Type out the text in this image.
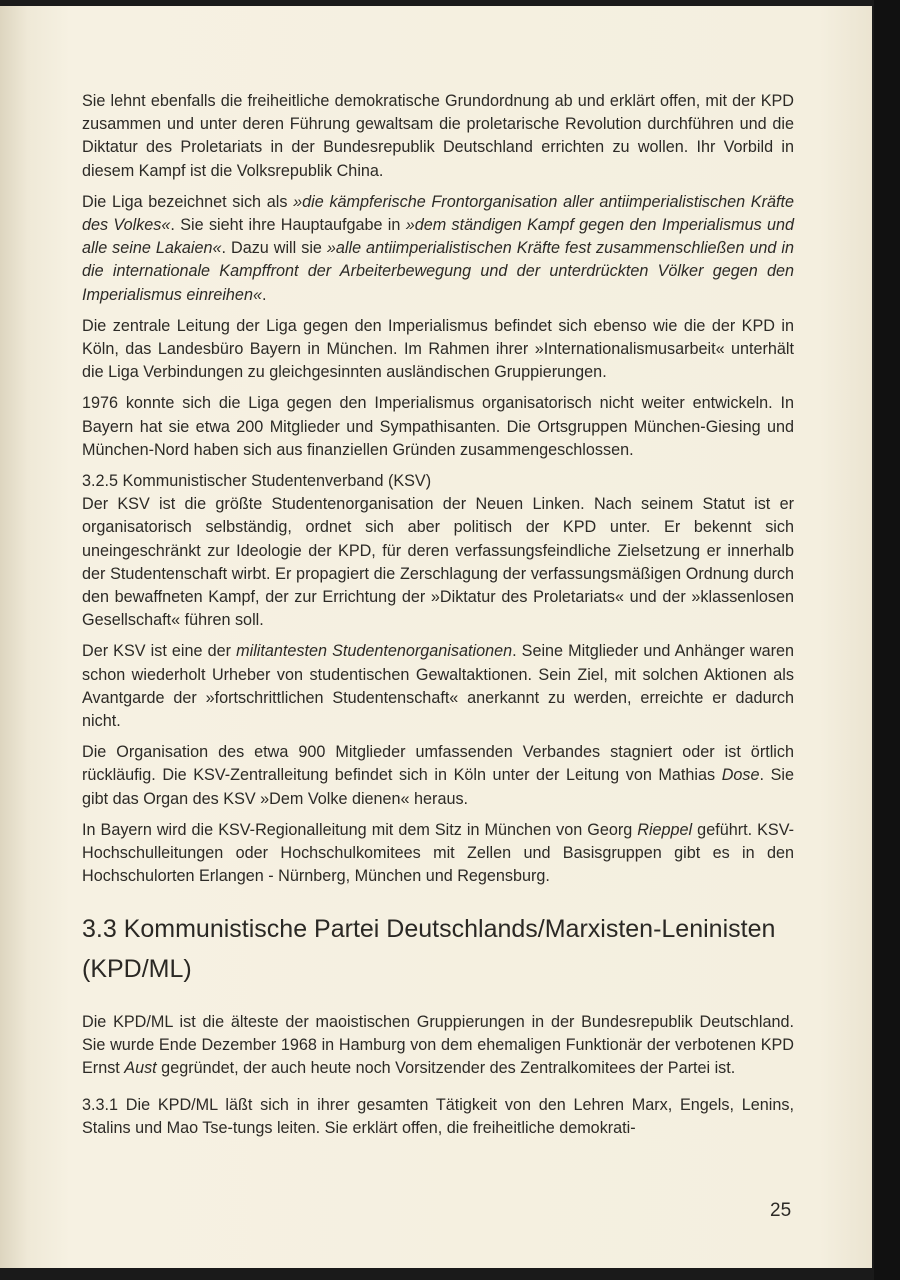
Sie lehnt ebenfalls die freiheitliche demokratische Grundordnung ab und erklärt offen, mit der KPD zusammen und unter deren Führung gewaltsam die proletarische Revolution durchführen und die Diktatur des Proletariats in der Bundesrepublik Deutschland errichten zu wollen. Ihr Vorbild in diesem Kampf ist die Volksrepublik China.

Die Liga bezeichnet sich als »die kämpferische Frontorganisation aller antiimperialistischen Kräfte des Volkes«. Sie sieht ihre Hauptaufgabe in »dem ständigen Kampf gegen den Imperialismus und alle seine Lakaien«. Dazu will sie »alle antiimperialistischen Kräfte fest zusammenschließen und in die internationale Kampffront der Arbeiterbewegung und der unterdrückten Völker gegen den Imperialismus einreihen«.

Die zentrale Leitung der Liga gegen den Imperialismus befindet sich ebenso wie die der KPD in Köln, das Landesbüro Bayern in München. Im Rahmen ihrer »Internationalismusarbeit« unterhält die Liga Verbindungen zu gleichgesinnten ausländischen Gruppierungen.

1976 konnte sich die Liga gegen den Imperialismus organisatorisch nicht weiter entwickeln. In Bayern hat sie etwa 200 Mitglieder und Sympathisanten. Die Ortsgruppen München-Giesing und München-Nord haben sich aus finanziellen Gründen zusammengeschlossen.

3.2.5 Kommunistischer Studentenverband (KSV)

Der KSV ist die größte Studentenorganisation der Neuen Linken. Nach seinem Statut ist er organisatorisch selbständig, ordnet sich aber politisch der KPD unter. Er bekennt sich uneingeschränkt zur Ideologie der KPD, für deren verfassungsfeindliche Zielsetzung er innerhalb der Studentenschaft wirbt. Er propagiert die Zerschlagung der verfassungsmäßigen Ordnung durch den bewaffneten Kampf, der zur Errichtung der »Diktatur des Proletariats« und der »klassenlosen Gesellschaft« führen soll.

Der KSV ist eine der militantesten Studentenorganisationen. Seine Mitglieder und Anhänger waren schon wiederholt Urheber von studentischen Gewaltaktionen. Sein Ziel, mit solchen Aktionen als Avantgarde der »fortschrittlichen Studentenschaft« anerkannt zu werden, erreichte er dadurch nicht.

Die Organisation des etwa 900 Mitglieder umfassenden Verbandes stagniert oder ist örtlich rückläufig. Die KSV-Zentralleitung befindet sich in Köln unter der Leitung von Mathias Dose. Sie gibt das Organ des KSV »Dem Volke dienen« heraus.

In Bayern wird die KSV-Regionalleitung mit dem Sitz in München von Georg Rieppel geführt. KSV-Hochschulleitungen oder Hochschulkomitees mit Zellen und Basisgruppen gibt es in den Hochschulorten Erlangen - Nürnberg, München und Regensburg.

3.3 Kommunistische Partei Deutschlands/Marxisten-Leninisten (KPD/ML)

Die KPD/ML ist die älteste der maoistischen Gruppierungen in der Bundesrepublik Deutschland. Sie wurde Ende Dezember 1968 in Hamburg von dem ehemaligen Funktionär der verbotenen KPD Ernst Aust gegründet, der auch heute noch Vorsitzender des Zentralkomitees der Partei ist.

3.3.1 Die KPD/ML läßt sich in ihrer gesamten Tätigkeit von den Lehren Marx, Engels, Lenins, Stalins und Mao Tse-tungs leiten. Sie erklärt offen, die freiheitliche demokrati-

25
